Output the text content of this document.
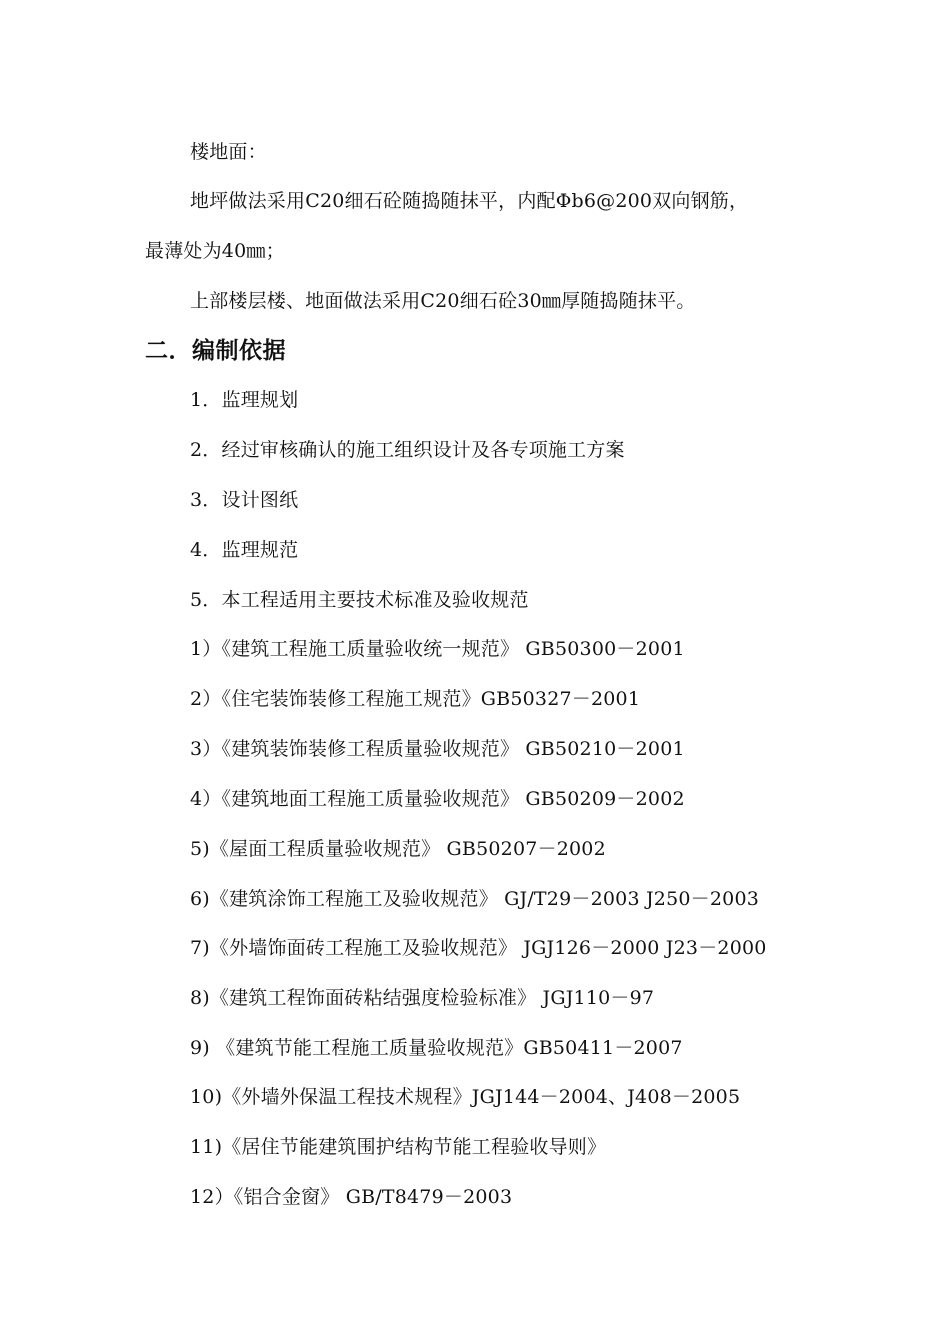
楼地面：
地坪做法采用C20细石砼随捣随抹平，内配Φb6@200双向钢筋，
最薄处为40㎜；
上部楼层楼、地面做法采用C20细石砼30㎜厚随捣随抹平。
二．编制依据
1．监理规划
2．经过审核确认的施工组织设计及各专项施工方案
3．设计图纸
4．监理规范
5．本工程适用主要技术标准及验收规范
1）《建筑工程施工质量验收统一规范》 GB50300－2001
2）《住宅装饰装修工程施工规范》GB50327－2001
3）《建筑装饰装修工程质量验收规范》 GB50210－2001
4）《建筑地面工程施工质量验收规范》 GB50209－2002
5)《屋面工程质量验收规范》 GB50207－2002
6)《建筑涂饰工程施工及验收规范》 GJ/T29－2003 J250－2003
7)《外墙饰面砖工程施工及验收规范》 JGJ126－2000 J23－2000
8)《建筑工程饰面砖粘结强度检验标准》 JGJ110－97
9) 《建筑节能工程施工质量验收规范》GB50411－2007
10)《外墙外保温工程技术规程》JGJ144－2004、J408－2005
11)《居住节能建筑围护结构节能工程验收导则》
12）《铝合金窗》 GB/T8479－2003
